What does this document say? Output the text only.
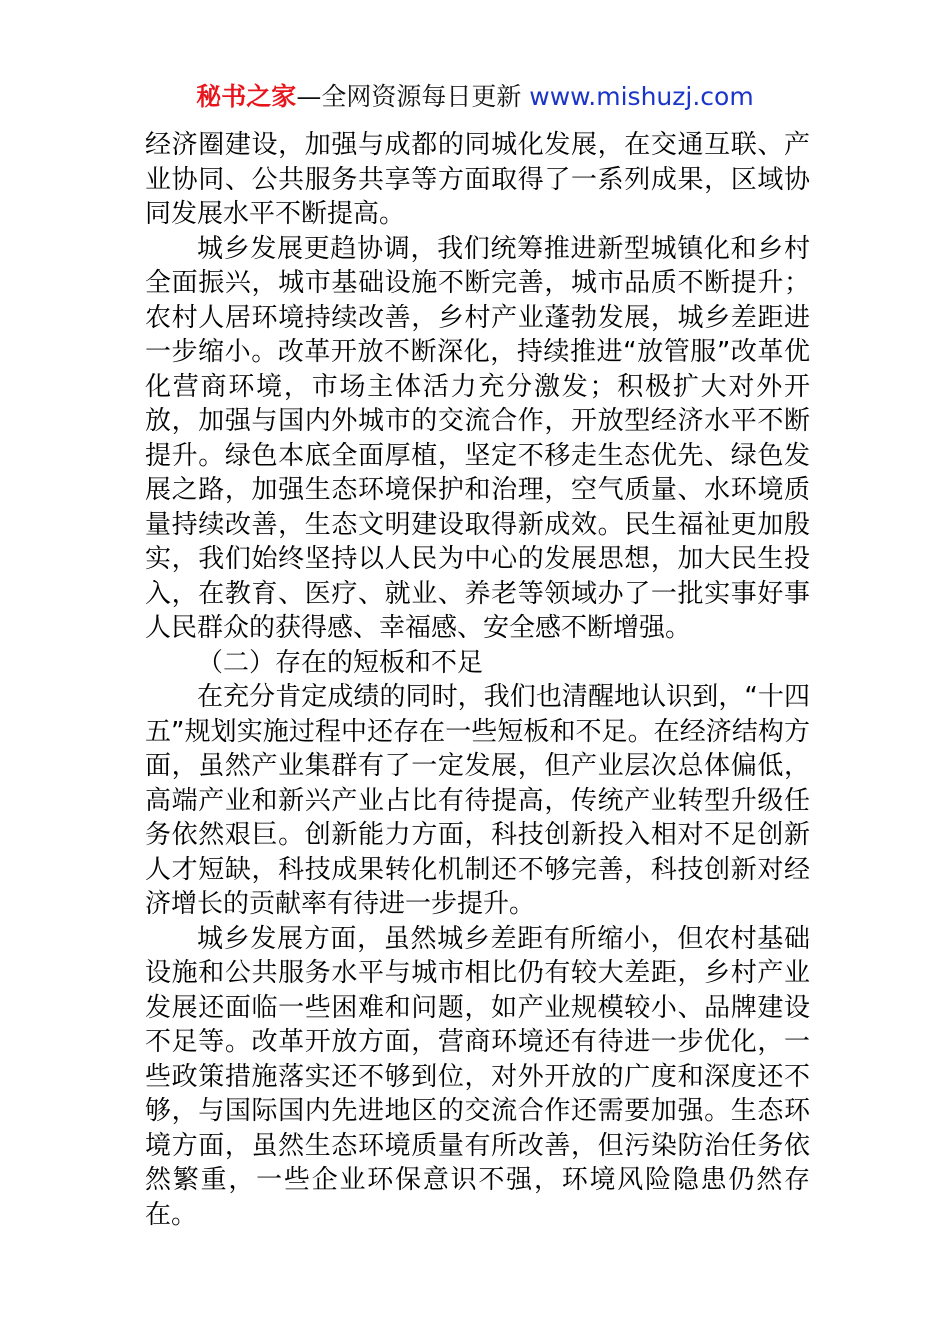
秘书之家—全网资源每日更新 www.mishuzj.com

经济圈建设，加强与成都的同城化发展，在交通互联、产业协同、公共服务共享等方面取得了一系列成果，区域协同发展水平不断提高。

城乡发展更趋协调，我们统筹推进新型城镇化和乡村全面振兴，城市基础设施不断完善，城市品质不断提升；农村人居环境持续改善，乡村产业蓬勃发展，城乡差距进一步缩小。改革开放不断深化，持续推进“放管服”改革优化营商环境，市场主体活力充分激发；积极扩大对外开放，加强与国内外城市的交流合作，开放型经济水平不断提升。绿色本底全面厚植，坚定不移走生态优先、绿色发展之路，加强生态环境保护和治理，空气质量、水环境质量持续改善，生态文明建设取得新成效。民生福祉更加殷实，我们始终坚持以人民为中心的发展思想，加大民生投入，在教育、医疗、就业、养老等领域办了一批实事好事人民群众的获得感、幸福感、安全感不断增强。

（二）存在的短板和不足

在充分肯定成绩的同时，我们也清醒地认识到，“十四五”规划实施过程中还存在一些短板和不足。在经济结构方面，虽然产业集群有了一定发展，但产业层次总体偏低，高端产业和新兴产业占比有待提高，传统产业转型升级任务依然艰巨。创新能力方面，科技创新投入相对不足创新人才短缺，科技成果转化机制还不够完善，科技创新对经济增长的贡献率有待进一步提升。

城乡发展方面，虽然城乡差距有所缩小，但农村基础设施和公共服务水平与城市相比仍有较大差距，乡村产业发展还面临一些困难和问题，如产业规模较小、品牌建设不足等。改革开放方面，营商环境还有待进一步优化，一些政策措施落实还不够到位，对外开放的广度和深度还不够，与国际国内先进地区的交流合作还需要加强。生态环境方面，虽然生态环境质量有所改善，但污染防治任务依然繁重，一些企业环保意识不强，环境风险隐患仍然存在。
